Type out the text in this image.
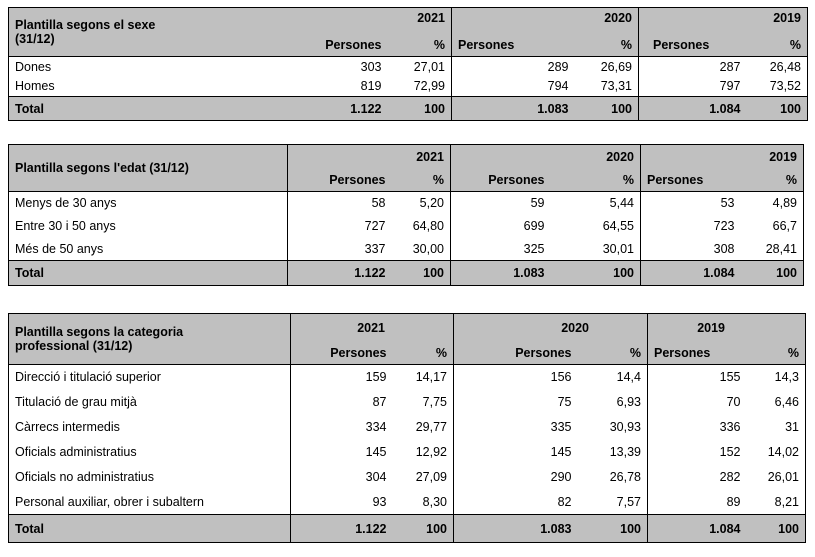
Plantilla segons el sexe (31/12)	2021		2020		2019	
	Persones	%	Persones	%	Persones	%
Dones	303	27,01	289	26,69	287	26,48
Homes	819	72,99	794	73,31	797	73,52
Total	1.122	100	1.083	100	1.084	100
Plantilla segons l'edat (31/12)	2021		2020		2019	
	Persones	%	Persones	%	Persones	%
Menys de 30 anys	58	5,20	59	5,44	53	4,89
Entre 30 i 50 anys	727	64,80	699	64,55	723	66,7
Més de 50 anys	337	30,00	325	30,01	308	28,41
Total	1.122	100	1.083	100	1.084	100
Plantilla segons la categoria professional (31/12)	2021		2020		2019	
	Persones	%	Persones	%	Persones	%
Direcció i titulació superior	159	14,17	156	14,4	155	14,3
Titulació de grau mitjà	87	7,75	75	6,93	70	6,46
Càrrecs intermedis	334	29,77	335	30,93	336	31
Oficials administratius	145	12,92	145	13,39	152	14,02
Oficials no administratius	304	27,09	290	26,78	282	26,01
Personal auxiliar, obrer i subaltern	93	8,30	82	7,57	89	8,21
Total	1.122	100	1.083	100	1.084	100
